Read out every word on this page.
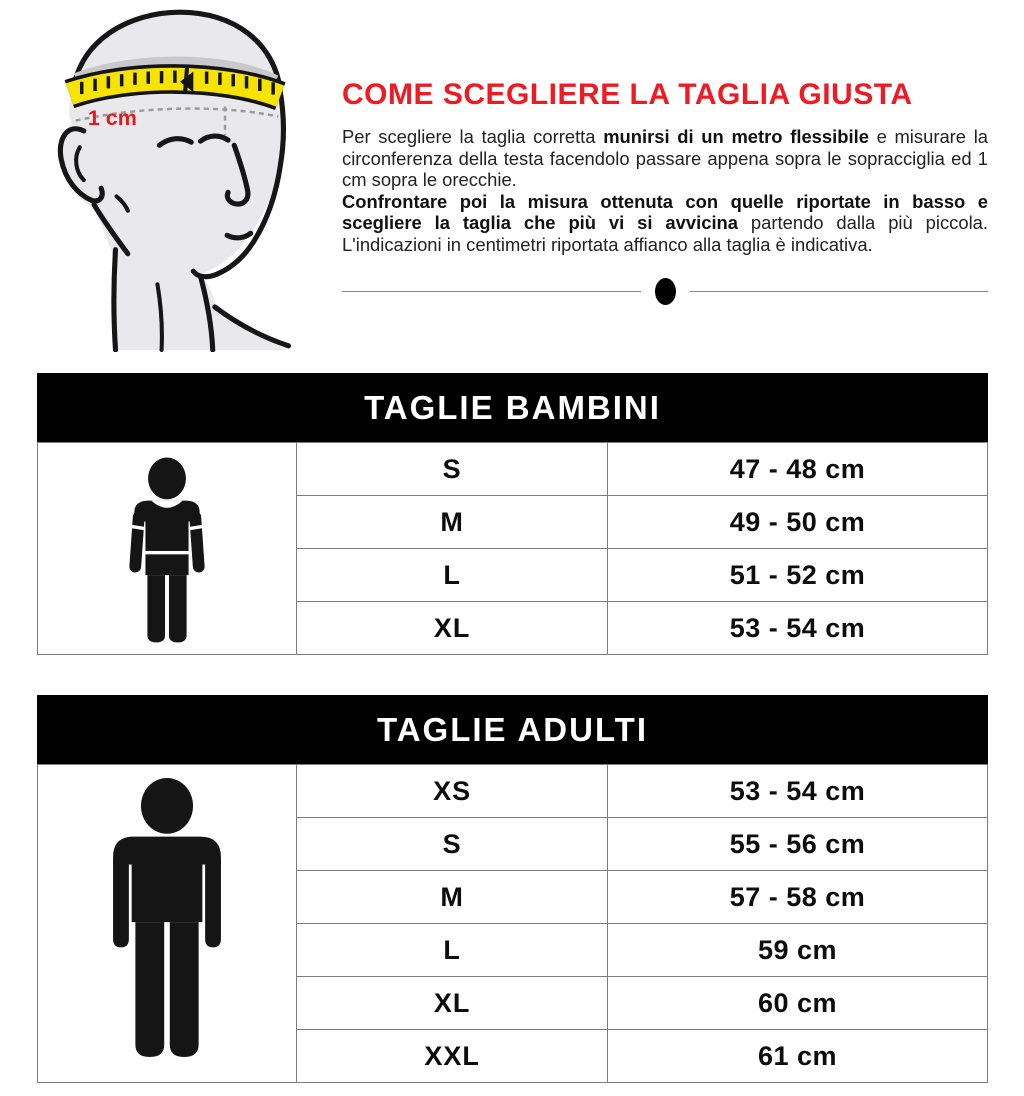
1 cm
COME SCEGLIERE LA TAGLIA GIUSTA

Per scegliere la taglia corretta munirsi di un metro flessibile e misurare la circonferenza della testa facendolo passare appena sopra le sopracciglia ed 1 cm sopra le orecchie.

Confrontare poi la misura ottenuta con quelle riportate in basso e scegliere la taglia che più vi si avvicina partendo dalla più piccola. L'indicazioni in centimetri riportata affianco alla taglia è indicativa.

TAGLIE BAMBINI
	S	47 - 48 cm
	M	49 - 50 cm
	L	51 - 52 cm
	XL	53 - 54 cm
TAGLIE ADULTI
	XS	53 - 54 cm
	S	55 - 56 cm
	M	57 - 58 cm
	L	59 cm
	XL	60 cm
	XXL	61 cm
